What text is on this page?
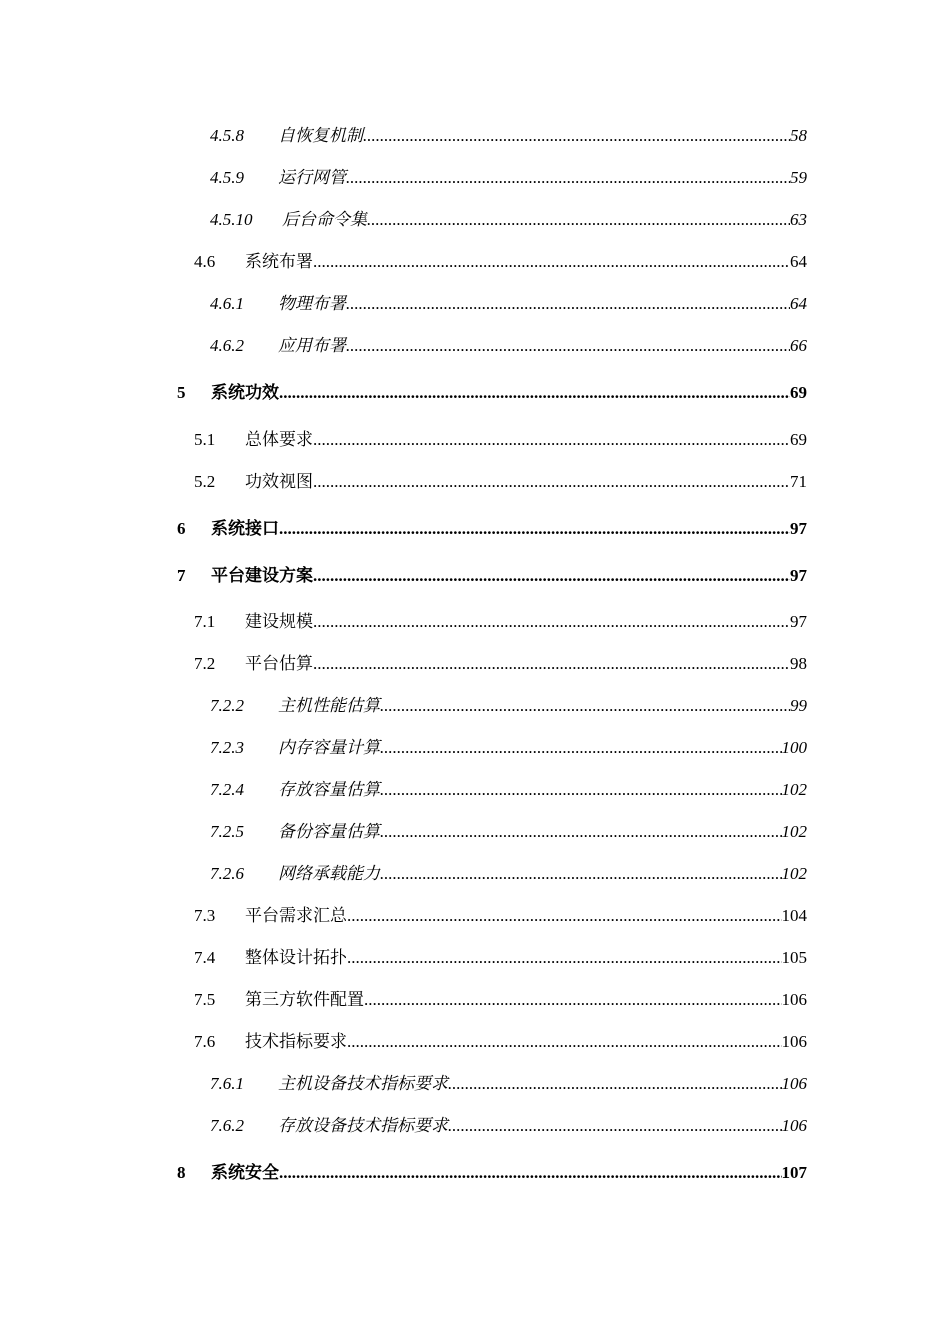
4.5.8	自恢复机制 .....	58
4.5.9	运行网管 .....	59
4.5.10	后台命令集 .....	63
4.6	系统布署 .....	64
4.6.1	物理布署 .....	64
4.6.2	应用布署 .....	66
5	系统功效 .....	69
5.1	总体要求 .....	69
5.2	功效视图 .....	71
6	系统接口 .....	97
7	平台建设方案 .....	97
7.1	建设规模 .....	97
7.2	平台估算 .....	98
7.2.2	主机性能估算 .....	99
7.2.3	内存容量计算 .....	100
7.2.4	存放容量估算 .....	102
7.2.5	备份容量估算 .....	102
7.2.6	网络承载能力 .....	102
7.3	平台需求汇总 .....	104
7.4	整体设计拓扑 .....	105
7.5	第三方软件配置 .....	106
7.6	技术指标要求 .....	106
7.6.1	主机设备技术指标要求 .....	106
7.6.2	存放设备技术指标要求 .....	106
8	系统安全 .....	107
